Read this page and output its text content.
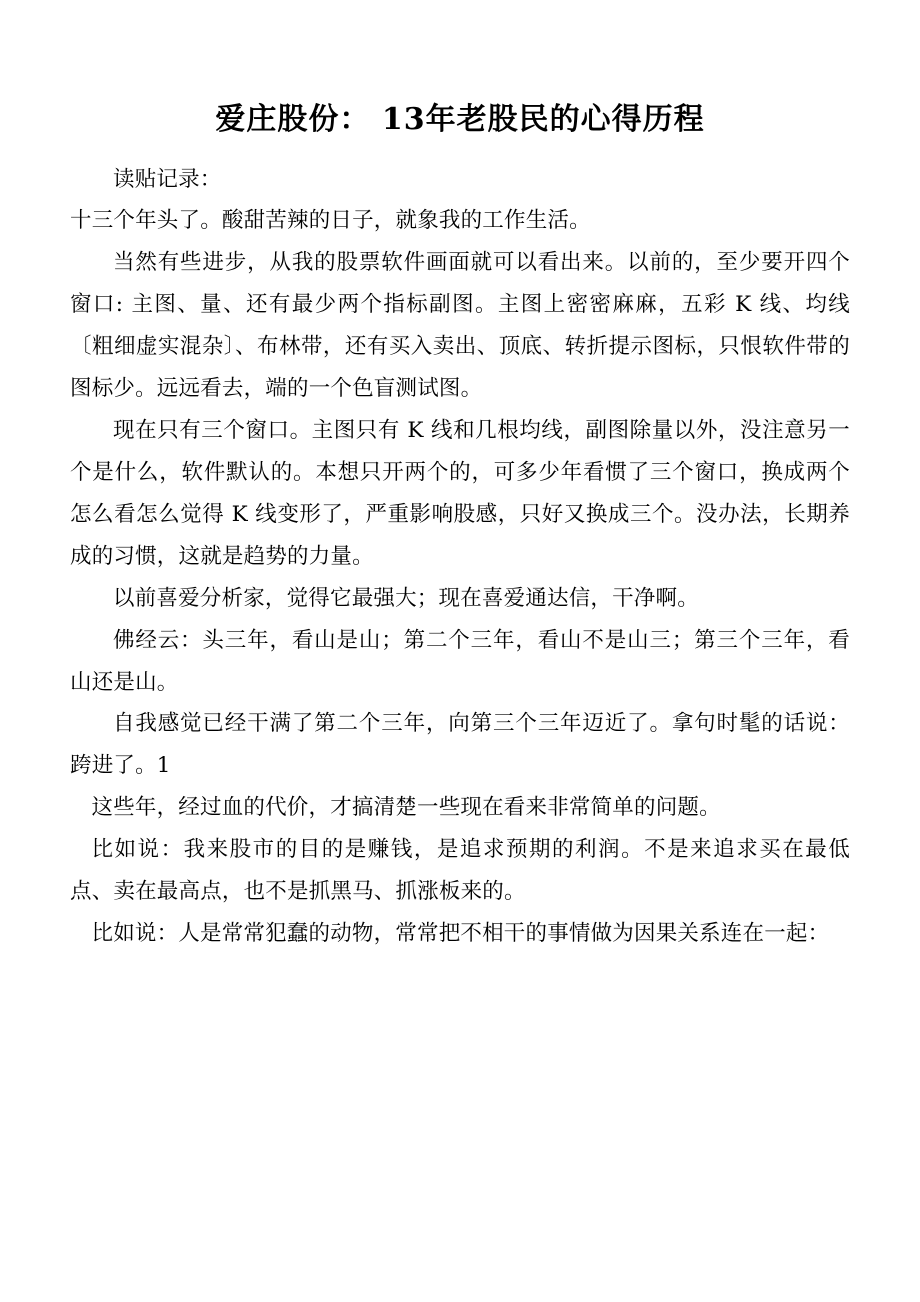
爱庄股份： 13年老股民的心得历程

读贴记录：

十三个年头了。酸甜苦辣的日子，就象我的工作生活。

当然有些进步，从我的股票软件画面就可以看出来。以前的，至少要开四个窗口: 主图、量、还有最少两个指标副图。主图上密密麻麻，五彩 K 线、均线〔粗细虚实混杂〕、布林带，还有买入卖出、顶底、转折提示图标，只恨软件带的图标少。远远看去，端的一个色盲测试图。

现在只有三个窗口。主图只有 K 线和几根均线，副图除量以外，没注意另一个是什么，软件默认的。本想只开两个的，可多少年看惯了三个窗口，换成两个怎么看怎么觉得 K 线变形了，严重影响股感，只好又换成三个。没办法，长期养成的习惯，这就是趋势的力量。

以前喜爱分析家，觉得它最强大；现在喜爱通达信，干净啊。

佛经云：头三年，看山是山；第二个三年，看山不是山三；第三个三年，看山还是山。

自我感觉已经干满了第二个三年，向第三个三年迈近了。拿句时髦的话说：跨进了。1

这些年，经过血的代价，才搞清楚一些现在看来非常简单的问题。

比如说：我来股市的目的是赚钱，是追求预期的利润。不是来追求买在最低点、卖在最高点，也不是抓黑马、抓涨板来的。

比如说：人是常常犯蠢的动物，常常把不相干的事情做为因果关系连在一起：
